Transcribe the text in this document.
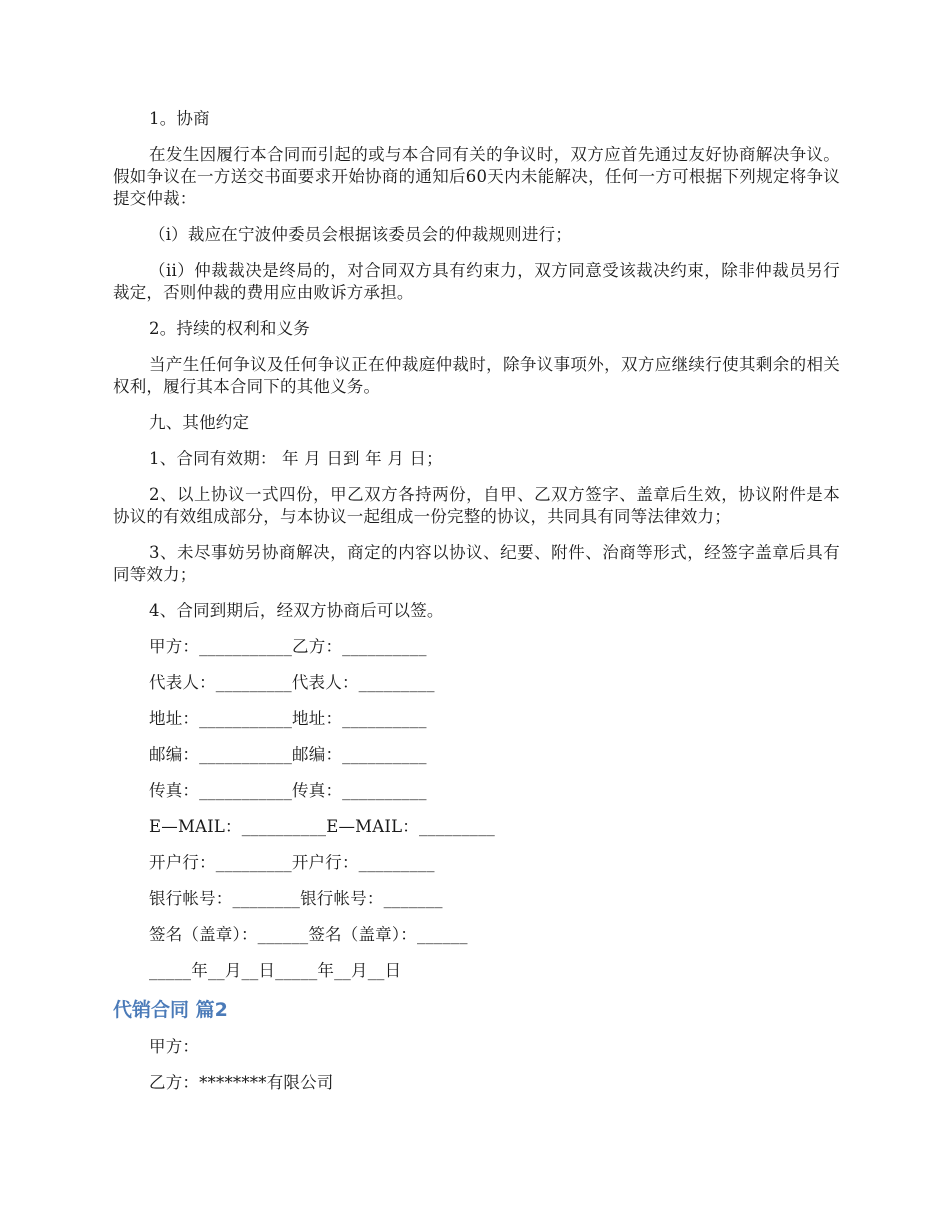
1。协商

在发生因履行本合同而引起的或与本合同有关的争议时，双方应首先通过友好协商解决争议。假如争议在一方送交书面要求开始协商的通知后60天内未能解决，任何一方可根据下列规定将争议提交仲裁：

（i）裁应在宁波仲委员会根据该委员会的仲裁规则进行；

（ii）仲裁裁决是终局的，对合同双方具有约束力，双方同意受该裁决约束，除非仲裁员另行裁定，否则仲裁的费用应由败诉方承担。

2。持续的权利和义务

当产生任何争议及任何争议正在仲裁庭仲裁时，除争议事项外，双方应继续行使其剩余的相关权利，履行其本合同下的其他义务。

九、其他约定

1、合同有效期： 年 月 日到 年 月 日；

2、以上协议一式四份，甲乙双方各持两份，自甲、乙双方签字、盖章后生效，协议附件是本协议的有效组成部分，与本协议一起组成一份完整的协议，共同具有同等法律效力；

3、未尽事妨另协商解决，商定的内容以协议、纪要、附件、治商等形式，经签字盖章后具有同等效力；

4、合同到期后，经双方协商后可以签。

甲方：___________乙方：__________

代表人：_________代表人：_________

地址：___________地址：__________

邮编：___________邮编：__________

传真：___________传真：__________

E—MAIL：__________E—MAIL：_________

开户行：_________开户行：_________

银行帐号：________银行帐号：_______

签名（盖章）：______签名（盖章）：______

_____年__月__日_____年__月__日

代销合同 篇2

甲方：

乙方：********有限公司
